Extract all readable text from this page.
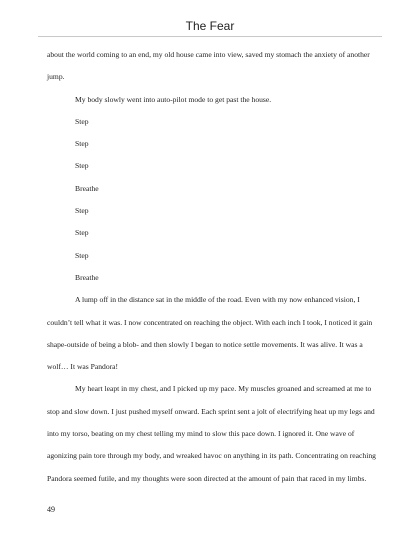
The Fear

about the world coming to an end, my old house came into view, saved my stomach the anxiety of another jump.

My body slowly went into auto-pilot mode to get past the house.

Step

Step

Step

Breathe

Step

Step

Step

Breathe

A lump off in the distance sat in the middle of the road. Even with my now enhanced vision, I couldn’t tell what it was. I now concentrated on reaching the object. With each inch I took, I noticed it gain shape-outside of being a blob- and then slowly I began to notice settle movements. It was alive. It was a wolf… It was Pandora!

My heart leapt in my chest, and I picked up my pace. My muscles groaned and screamed at me to stop and slow down. I just pushed myself onward. Each sprint sent a jolt of electrifying heat up my legs and into my torso, beating on my chest telling my mind to slow this pace down. I ignored it. One wave of agonizing pain tore through my body, and wreaked havoc on anything in its path. Concentrating on reaching Pandora seemed futile, and my thoughts were soon directed at the amount of pain that raced in my limbs.

49
